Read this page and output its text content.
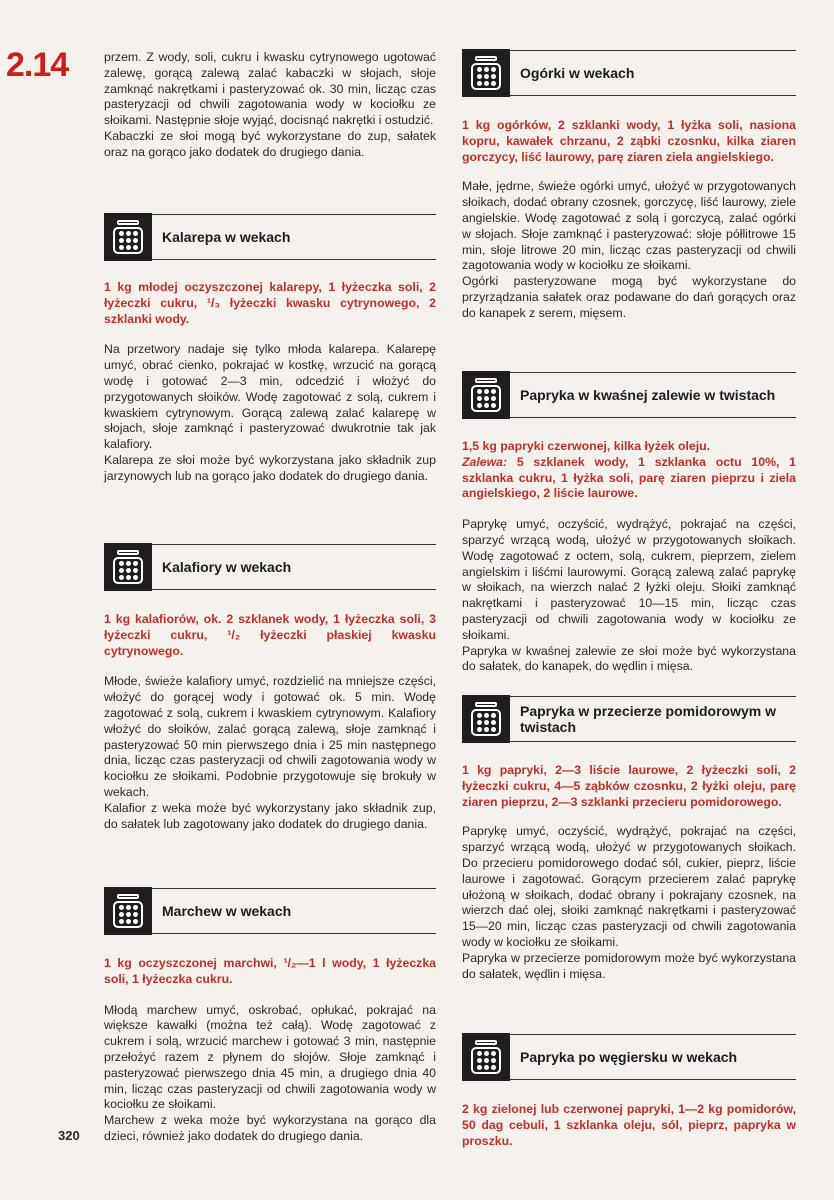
2.14
320

przem. Z wody, soli, cukru i kwasku cytrynowego ugotować zalewę, gorącą zalewą zalać kabaczki w słojach, słoje zamknąć nakrętkami i pasteryzować ok. 30 min, licząc czas pasteryzacji od chwili zagotowania wody w kociołku ze słoikami. Następnie słoje wyjąć, docisnąć nakrętki i ostudzić.

Kabaczki ze słoi mogą być wykorzystane do zup, sałatek oraz na gorąco jako dodatek do drugiego dania.

Kalarepa w wekach

1 kg młodej oczyszczonej kalarepy, 1 łyżeczka soli, 2 łyżeczki cukru, ¹/₃ łyżeczki kwasku cytrynowego, 2 szklanki wody.

Na przetwory nadaje się tylko młoda kalarepa. Kalarepę umyć, obrać cienko, pokrajać w kostkę, wrzucić na gorącą wodę i gotować 2—3 min, odcedzić i włożyć do przygotowanych słoików. Wodę zagotować z solą, cukrem i kwaskiem cytrynowym. Gorącą zalewą zalać kalarepę w słojach, słoje zamknąć i pasteryzować dwukrotnie tak jak kalafiory.

Kalarepa ze słoi może być wykorzystana jako składnik zup jarzynowych lub na gorąco jako dodatek do drugiego dania.

Kalafiory w wekach

1 kg kalafiorów, ok. 2 szklanek wody, 1 łyżeczka soli, 3 łyżeczki cukru, ¹/₂ łyżeczki płaskiej kwasku cytrynowego.

Młode, świeże kalafiory umyć, rozdzielić na mniejsze części, włożyć do gorącej wody i gotować ok. 5 min. Wodę zagotować z solą, cukrem i kwaskiem cytrynowym. Kalafiory włożyć do słoików, zalać gorącą zalewą, słoje zamknąć i pasteryzować 50 min pierwszego dnia i 25 min następnego dnia, licząc czas pasteryzacji od chwili zagotowania wody w kociołku ze słoikami. Podobnie przygotowuje się brokuły w wekach.

Kalafior z weka może być wykorzystany jako składnik zup, do sałatek lub zagotowany jako dodatek do drugiego dania.

Marchew w wekach

1 kg oczyszczonej marchwi, ¹/₂—1 l wody, 1 łyżeczka soli, 1 łyżeczka cukru.

Młodą marchew umyć, oskrobać, opłukać, pokrajać na większe kawałki (można też całą). Wodę zagotować z cukrem i solą, wrzucić marchew i gotować 3 min, następnie przełożyć razem z płynem do słojów. Słoje zamknąć i pasteryzować pierwszego dnia 45 min, a drugiego dnia 40 min, licząc czas pasteryzacji od chwili zagotowania wody w kociołku ze słoikami.

Marchew z weka może być wykorzystana na gorąco dla dzieci, również jako dodatek do drugiego dania.

Ogórki w wekach

1 kg ogórków, 2 szklanki wody, 1 łyżka soli, nasiona kopru, kawałek chrzanu, 2 ząbki czosnku, kilka ziaren gorczycy, liść laurowy, parę ziaren ziela angielskiego.

Małe, jędrne, świeże ogórki umyć, ułożyć w przygotowanych słoikach, dodać obrany czosnek, gorczycę, liść laurowy, ziele angielskie. Wodę zagotować z solą i gorczycą, zalać ogórki w słojach. Słoje zamknąć i pasteryzować: słoje półlitrowe 15 min, słoje litrowe 20 min, licząc czas pasteryzacji od chwili zagotowania wody w kociołku ze słoikami.

Ogórki pasteryzowane mogą być wykorzystane do przyrządzania sałatek oraz podawane do dań gorących oraz do kanapek z serem, mięsem.

Papryka w kwaśnej zalewie w twistach

1,5 kg papryki czerwonej, kilka łyżek oleju.
Zalewa: 5 szklanek wody, 1 szklanka octu 10%, 1 szklanka cukru, 1 łyżka soli, parę ziaren pieprzu i ziela angielskiego, 2 liście laurowe.

Paprykę umyć, oczyścić, wydrążyć, pokrajać na części, sparzyć wrzącą wodą, ułożyć w przygotowanych słoikach. Wodę zagotować z octem, solą, cukrem, pieprzem, zielem angielskim i liśćmi laurowymi. Gorącą zalewą zalać paprykę w słoikach, na wierzch nalać 2 łyżki oleju. Słoiki zamknąć nakrętkami i pasteryzować 10—15 min, licząc czas pasteryzacji od chwili zagotowania wody w kociołku ze słoikami.

Papryka w kwaśnej zalewie ze słoi może być wykorzystana do sałatek, do kanapek, do wędlin i mięsa.

Papryka w przecierze pomidorowym w twistach

1 kg papryki, 2—3 liście laurowe, 2 łyżeczki soli, 2 łyżeczki cukru, 4—5 ząbków czosnku, 2 łyżki oleju, parę ziaren pieprzu, 2—3 szklanki przecieru pomidorowego.

Paprykę umyć, oczyścić, wydrążyć, pokrajać na części, sparzyć wrzącą wodą, ułożyć w przygotowanych słoikach. Do przecieru pomidorowego dodać sól, cukier, pieprz, liście laurowe i zagotować. Gorącym przecierem zalać paprykę ułożoną w słoikach, dodać obrany i pokrajany czosnek, na wierzch dać olej, słoiki zamknąć nakrętkami i pasteryzować 15—20 min, licząc czas pasteryzacji od chwili zagotowania wody w kociołku ze słoikami.

Papryka w przecierze pomidorowym może być wykorzystana do sałatek, wędlin i mięsa.

Papryka po węgiersku w wekach

2 kg zielonej lub czerwonej papryki, 1—2 kg pomidorów, 50 dag cebuli, 1 szklanka oleju, sól, pieprz, papryka w proszku.
